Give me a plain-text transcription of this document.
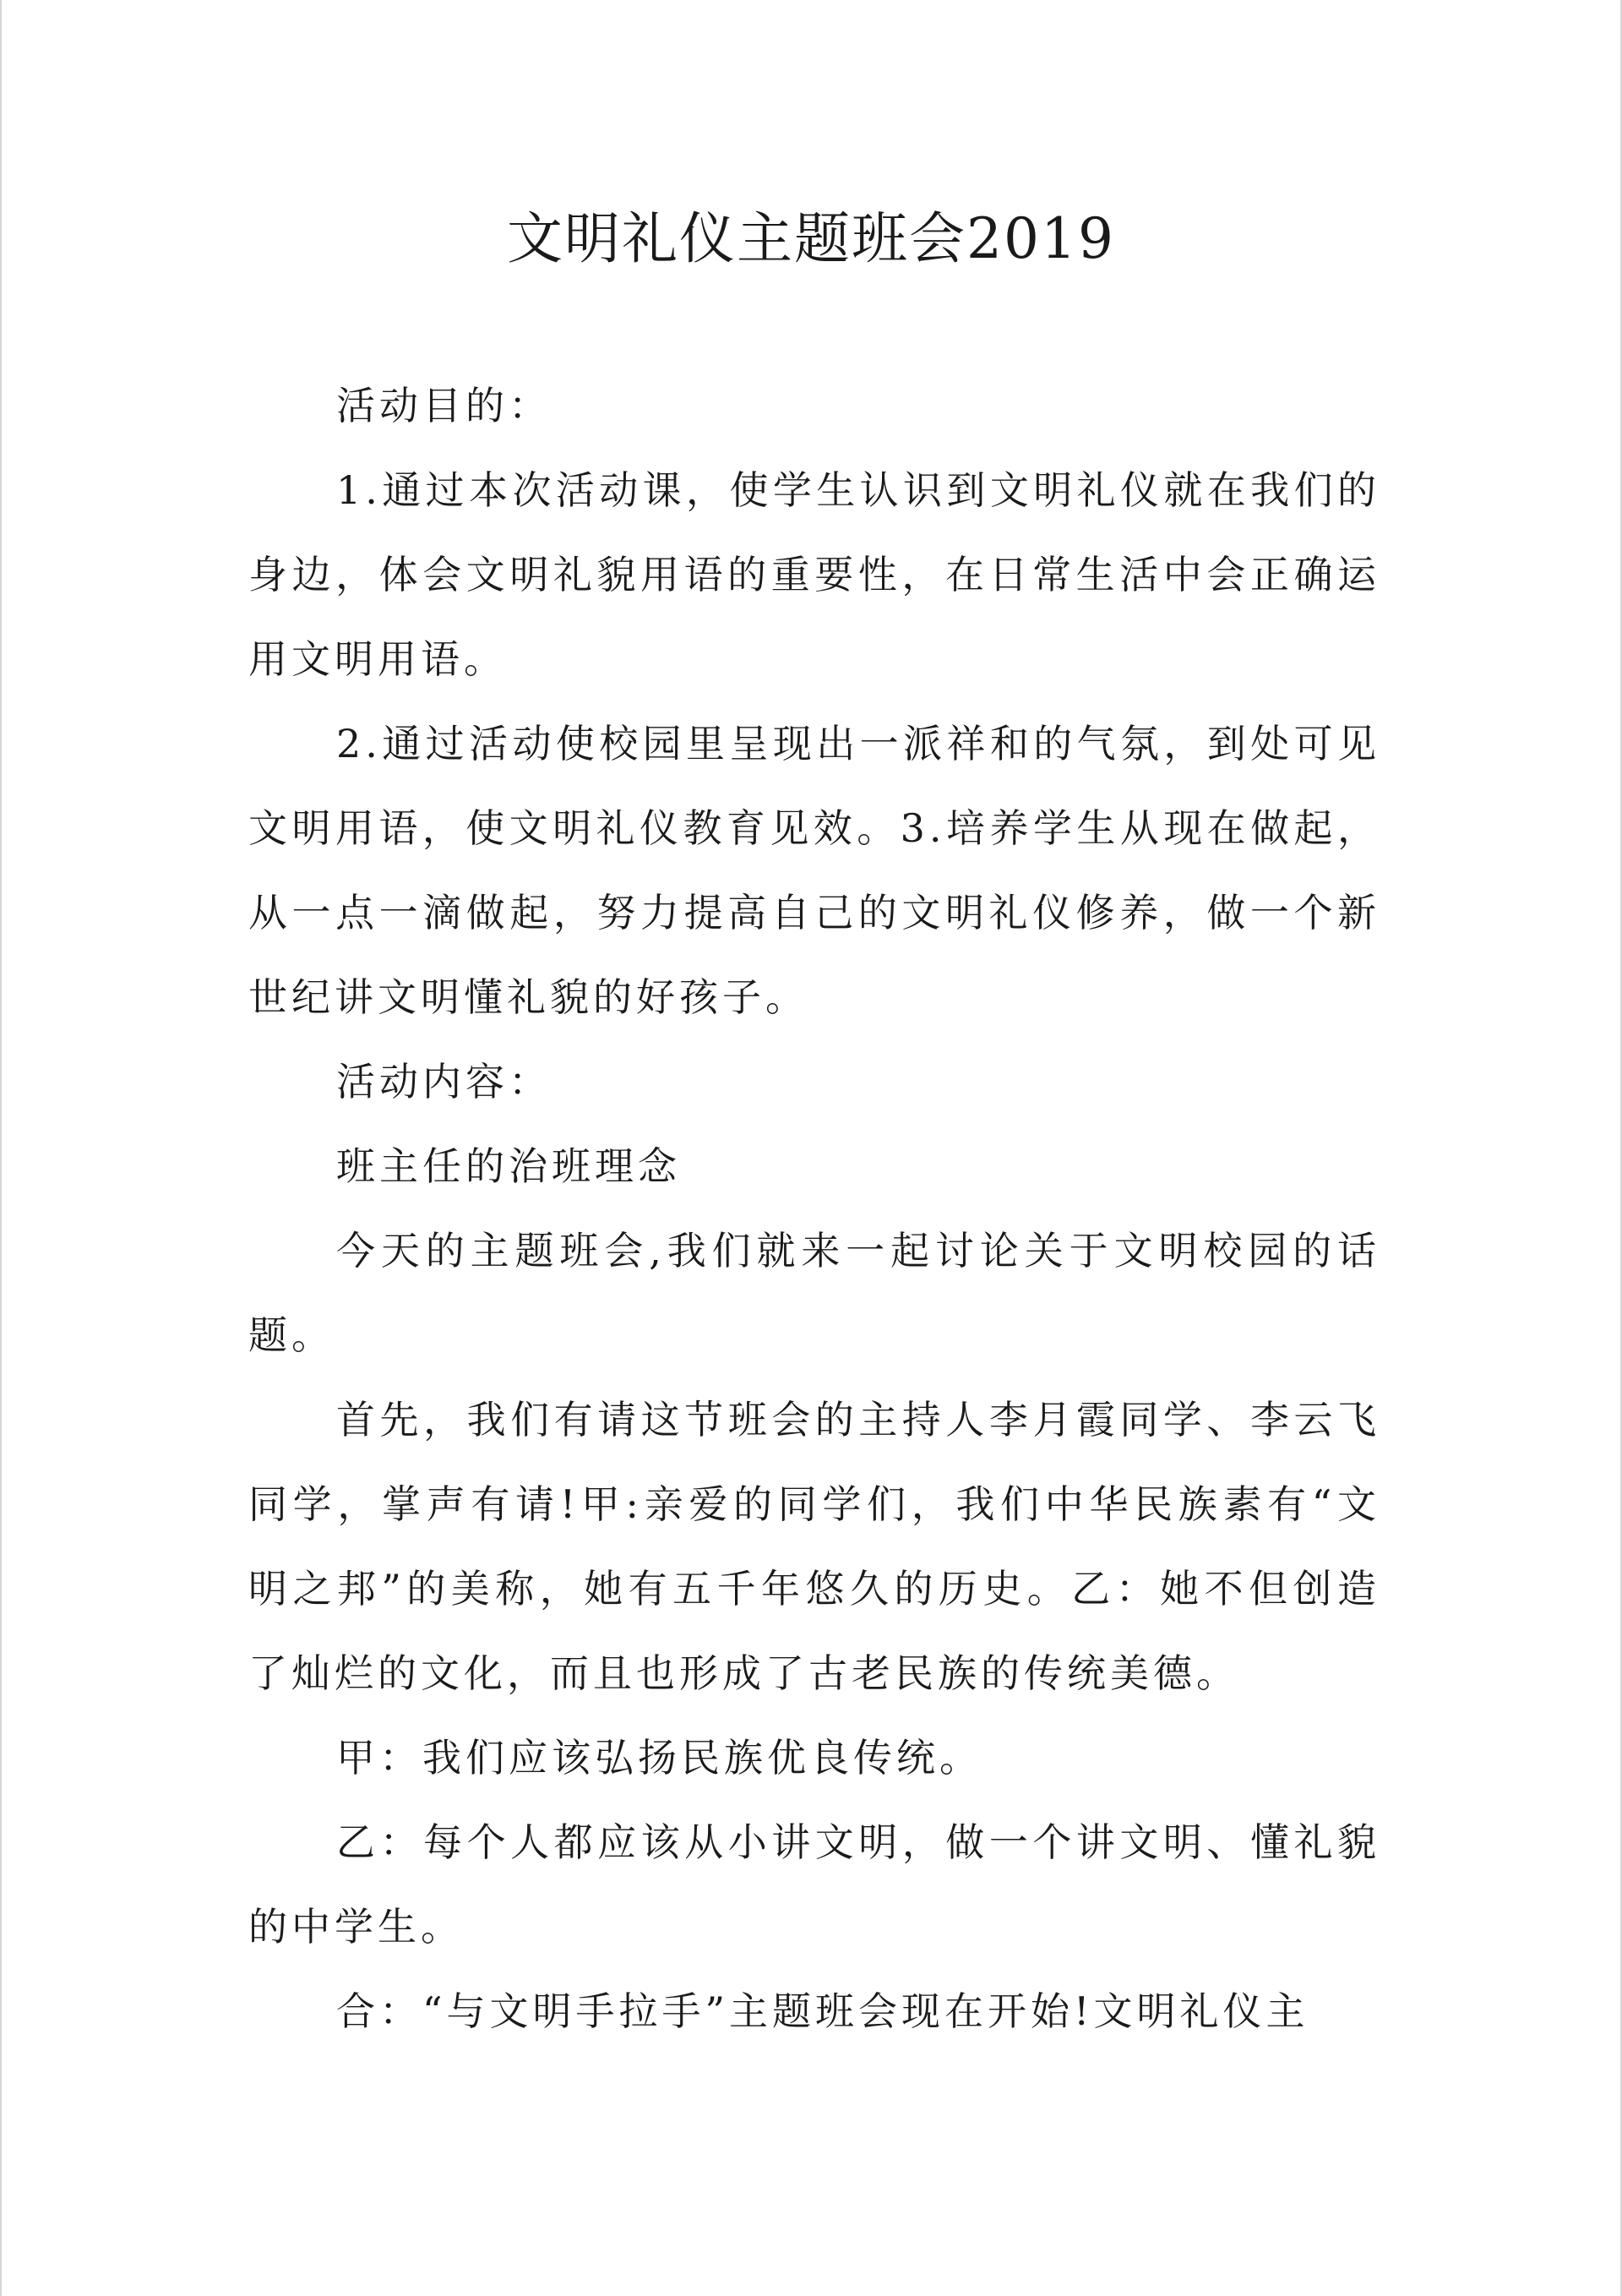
文明礼仪主题班会2019

活动目的：

1.通过本次活动课，使学生认识到文明礼仪就在我们的身边，体会文明礼貌用语的重要性，在日常生活中会正确运用文明用语。

2.通过活动使校园里呈现出一派祥和的气氛，到处可见文明用语，使文明礼仪教育见效。3.培养学生从现在做起，从一点一滴做起，努力提高自己的文明礼仪修养，做一个新世纪讲文明懂礼貌的好孩子。

活动内容：

班主任的治班理念

今天的主题班会,我们就来一起讨论关于文明校园的话题。

首先，我们有请这节班会的主持人李月霞同学、李云飞同学，掌声有请!甲:亲爱的同学们，我们中华民族素有“文明之邦”的美称，她有五千年悠久的历史。乙：她不但创造了灿烂的文化，而且也形成了古老民族的传统美德。

甲：我们应该弘扬民族优良传统。

乙：每个人都应该从小讲文明，做一个讲文明、懂礼貌的中学生。

合：“与文明手拉手”主题班会现在开始!文明礼仪主
